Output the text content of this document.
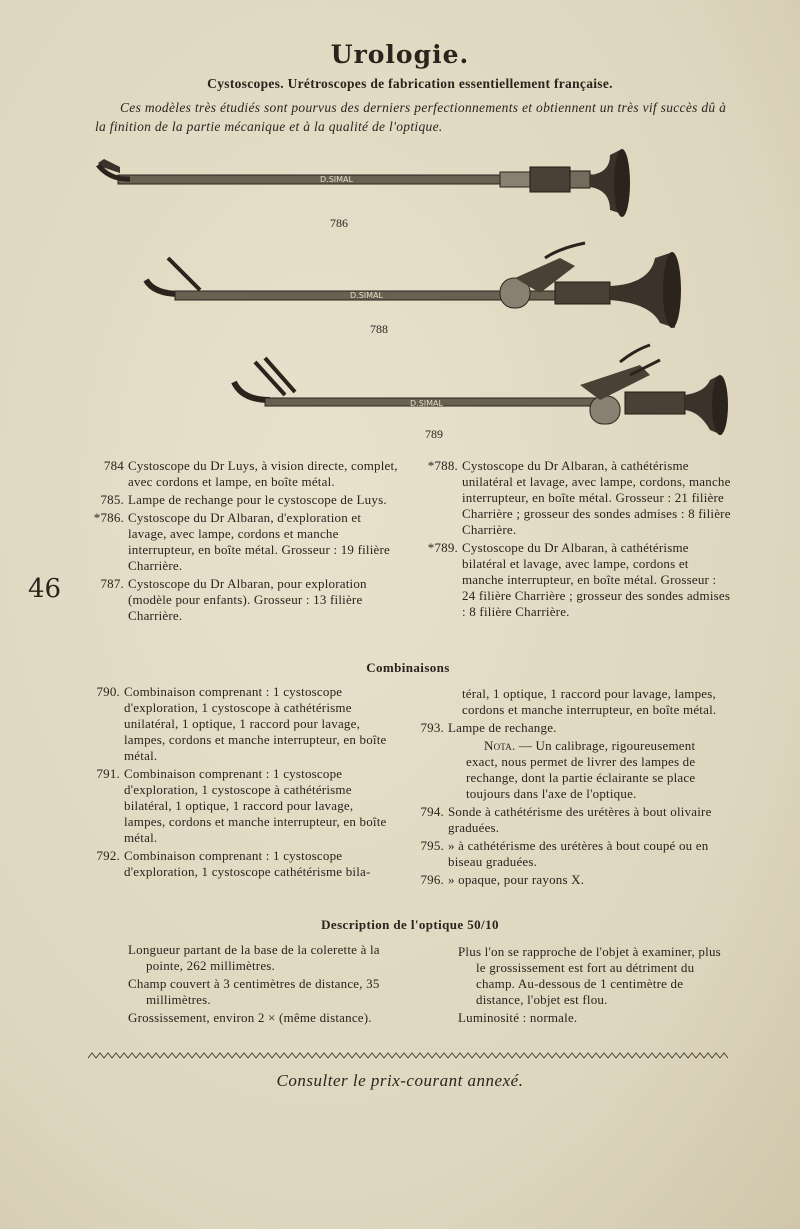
Urologie.
Cystoscopes. Urétroscopes de fabrication essentiellement française.
Ces modèles très étudiés sont pourvus des derniers perfectionnements et obtiennent un très vif succès dû à la finition de la partie mécanique et à la qualité de l'optique.
D.SIMAL
786
D.SIMAL
788
D.SIMAL
789
46
784 Cystoscope du Dr Luys, à vision directe, complet, avec cordons et lampe, en boîte métal.
785. Lampe de rechange pour le cystoscope de Luys.
*786. Cystoscope du Dr Albaran, d'exploration et lavage, avec lampe, cordons et manche interrupteur, en boîte métal. Grosseur : 19 filière Charrière.
787. Cystoscope du Dr Albaran, pour exploration (modèle pour enfants). Grosseur : 13 filière Charrière.
*788. Cystoscope du Dr Albaran, à cathétérisme unilatéral et lavage, avec lampe, cordons, manche interrupteur, en boîte métal. Grosseur : 21 filière Charrière ; grosseur des sondes admises : 8 filière Charrière.
*789. Cystoscope du Dr Albaran, à cathétérisme bilatéral et lavage, avec lampe, cordons et manche interrupteur, en boîte métal. Grosseur : 24 filière Charrière ; grosseur des sondes admises : 8 filière Charrière.
Combinaisons
790. Combinaison comprenant : 1 cystoscope d'exploration, 1 cystoscope à cathétérisme unilatéral, 1 optique, 1 raccord pour lavage, lampes, cordons et manche interrupteur, en boîte métal.
791. Combinaison comprenant : 1 cystoscope d'exploration, 1 cystoscope à cathétérisme bilatéral, 1 optique, 1 raccord pour lavage, lampes, cordons et manche interrupteur, en boîte métal.
792. Combinaison comprenant : 1 cystoscope d'exploration, 1 cystoscope cathétérisme bila-
téral, 1 optique, 1 raccord pour lavage, lampes, cordons et manche interrupteur, en boîte métal.
793. Lampe de rechange.
Nota. — Un calibrage, rigoureusement exact, nous permet de livrer des lampes de rechange, dont la partie éclairante se place toujours dans l'axe de l'optique.
794. Sonde à cathétérisme des urétères à bout olivaire graduées.
795. » à cathétérisme des urétères à bout coupé ou en biseau graduées.
796. » opaque, pour rayons X.
Description de l'optique 50/10
Longueur partant de la base de la colerette à la pointe, 262 millimètres.
Champ couvert à 3 centimètres de distance, 35 millimètres.
Grossissement, environ 2 × (même distance).
Plus l'on se rapproche de l'objet à examiner, plus le grossissement est fort au détriment du champ. Au-dessous de 1 centimètre de distance, l'objet est flou.
Luminosité : normale.
Consulter le prix-courant annexé.
